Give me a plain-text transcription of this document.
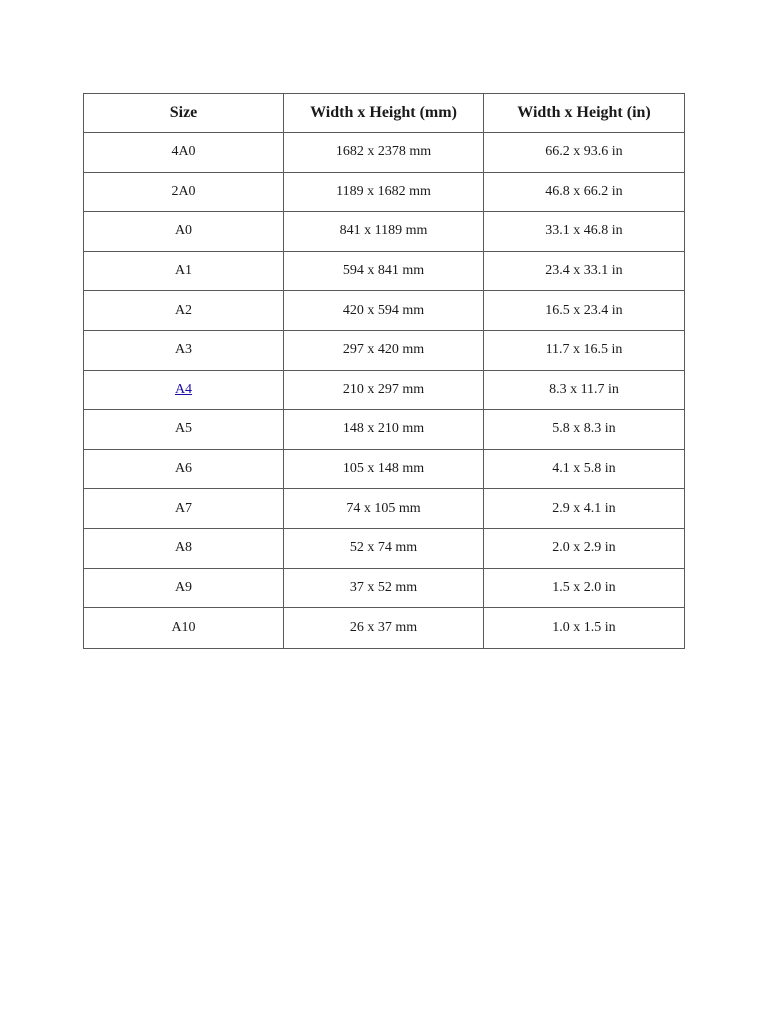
Size	Width x Height (mm)	Width x Height (in)
4A0	1682 x 2378 mm	66.2 x 93.6 in
2A0	1189 x 1682 mm	46.8 x 66.2 in
A0	841 x 1189 mm	33.1 x 46.8 in
A1	594 x 841 mm	23.4 x 33.1 in
A2	420 x 594 mm	16.5 x 23.4 in
A3	297 x 420 mm	11.7 x 16.5 in
A4	210 x 297 mm	8.3 x 11.7 in
A5	148 x 210 mm	5.8 x 8.3 in
A6	105 x 148 mm	4.1 x 5.8 in
A7	74 x 105 mm	2.9 x 4.1 in
A8	52 x 74 mm	2.0 x 2.9 in
A9	37 x 52 mm	1.5 x 2.0 in
A10	26 x 37 mm	1.0 x 1.5 in
